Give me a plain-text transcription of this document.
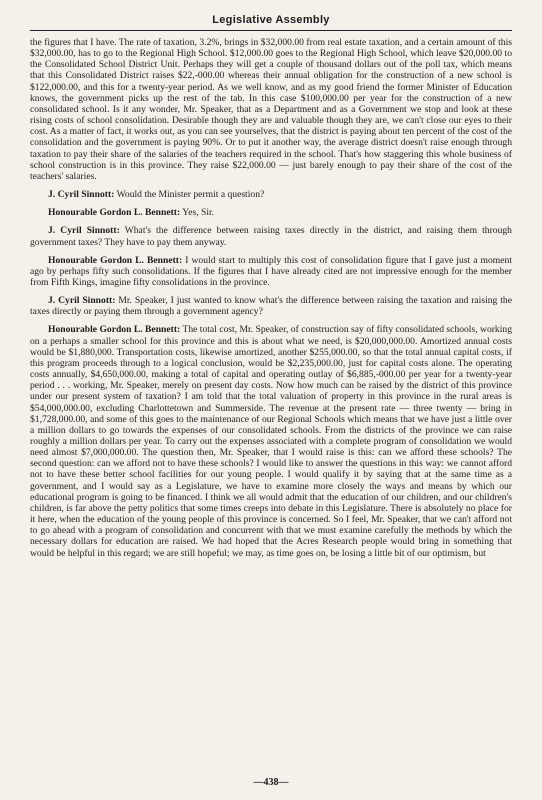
Legislative Assembly

the figures that I have. The rate of taxation, 3.2%, brings in $32,000.00 from real estate taxation, and a certain amount of this $32,000.00, has to go to the Regional High School. $12,000.00 goes to the Regional High School, which leave $20,000.00 to the Consolidated School District Unit. Perhaps they will get a couple of thousand dollars out of the poll tax, which means that this Consolidated District raises $22,-000.00 whereas their annual obligation for the construction of a new school is $122,000.00, and this for a twenty-year period. As we well know, and as my good friend the former Minister of Education knows, the government picks up the rest of the tab. In this case $100,000.00 per year for the construction of a new consolidated school. Is it any wonder, Mr. Speaker, that as a Department and as a Government we stop and look at these rising costs of school consolidation. Desirable though they are and valuable though they are, we can't close our eyes to their cost. As a matter of fact, it works out, as you can see yourselves, that the district is paying about ten percent of the cost of the consolidation and the government is paying 90%. Or to put it another way, the average district doesn't raise enough through taxation to pay their share of the salaries of the teachers required in the school. That's how staggering this whole business of school construction is in this province. They raise $22,000.00 — just barely enough to pay their share of the cost of the teachers' salaries.

J. Cyril Sinnott: Would the Minister permit a question?

Honourable Gordon L. Bennett: Yes, Sir.

J. Cyril Sinnott: What's the difference between raising taxes directly in the district, and raising them through government taxes? They have to pay them anyway.

Honourable Gordon L. Bennett: I would start to multiply this cost of consolidation figure that I gave just a moment ago by perhaps fifty such consolidations. If the figures that I have already cited are not impressive enough for the member from Fifth Kings, imagine fifty consolidations in the province.

J. Cyril Sinnott: Mr. Speaker, I just wanted to know what's the difference between raising the taxation and raising the taxes directly or paying them through a government agency?

Honourable Gordon L. Bennett: The total cost, Mr. Speaker, of construction say of fifty consolidated schools, working on a perhaps a smaller school for this province and this is about what we need, is $20,000,000.00. Amortized annual costs would be $1,880,000. Transportation costs, likewise amortized, another $255,000.00, so that the total annual capital costs, if this program proceeds through to a logical conclusion, would be $2,235,000.00, just for capital costs alone. The operating costs annually, $4,650,000.00, making a total of capital and operating outlay of $6,885,-000.00 per year for a twenty-year period . . . working, Mr. Speaker, merely on present day costs. Now how much can be raised by the district of this province under our present system of taxation? I am told that the total valuation of property in this province in the rural areas is $54,000,000.00, excluding Charlottetown and Summerside. The revenue at the present rate — three twenty — bring in $1,728,000.00, and some of this goes to the maintenance of our Regional Schools which means that we have just a little over a million dollars to go towards the expenses of our consolidated schools. From the districts of the province we can raise roughly a million dollars per year. To carry out the expenses associated with a complete program of consolidation we would need almost $7,000,000.00. The question then, Mr. Speaker, that I would raise is this: can we afford these schools? The second question: can we afford not to have these schools? I would like to answer the questions in this way: we cannot afford not to have these better school facilities for our young people. I would qualify it by saying that at the same time as a government, and I would say as a Legislature, we have to examine more closely the ways and means by which our educational program is going to be financed. I think we all would admit that the education of our children, and our children's children, is far above the petty politics that some times creeps into debate in this Legislature. There is absolutely no place for it here, when the education of the young people of this province is concerned. So I feel, Mr. Speaker, that we can't afford not to go ahead with a program of consolidation and concurrent with that we must examine carefully the methods by which the necessary dollars for education are raised. We had hoped that the Acres Research people would bring in something that would be helpful in this regard; we are still hopeful; we may, as time goes on, be losing a little bit of our optimism, but

—438—
